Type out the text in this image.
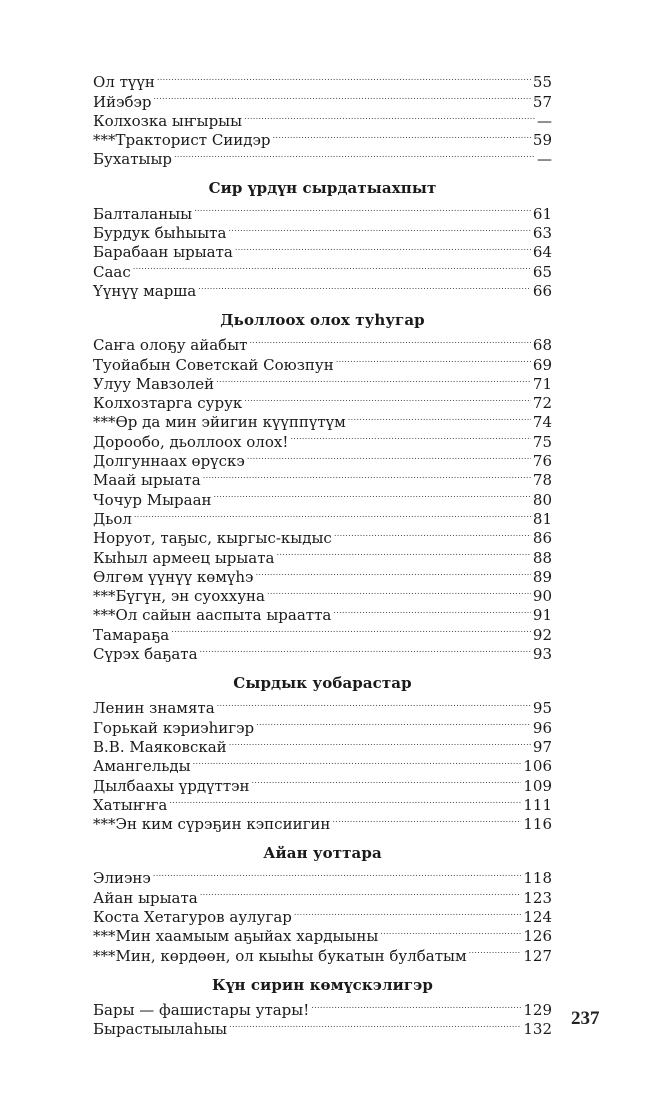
Ол түүн . . .	55
Ийэбэр . . .	57
Колхозка ыҥырыы . . .	—
***Тракторист Сиидэр . . .	59
Бухатыыр . . .	—
Сир үрдүн сырдатыахпыт
Балталаныы . . .	61
Бурдук быһыыта . . .	63
Барабаан ырыата . . .	64
Саас . . .	65
Үүнүү марша . . .	66
Дьоллоох олох туһугар
Саҥа олоҕу айабыт . . .	68
Туойабын Советскай Союзпун . . .	69
Улуу Мавзолей . . .	71
Колхозтарга сурук . . .	72
***Өр да мин эйигин күүппүтүм . . .	74
Дорообо, дьоллоох олох! . . .	75
Долгуннаах өрүскэ . . .	76
Маай ырыата . . .	78
Чочур Мыраан . . .	80
Дьол . . .	81
Норуот, таҕыс, кыргыс-кыдыс . . .	86
Кыһыл армеец ырыата . . .	88
Өлгөм үүнүү көмүһэ . . .	89
***Бүгүн, эн суоххуна . . .	90
***Ол сайын ааспыта ыраатта . . .	91
Тамараҕа . . .	92
Сүрэх баҕата . . .	93
Сырдык уобарастар
Ленин знамята . . .	95
Горькай кэриэһигэр . . .	96
В.В. Маяковскай . . .	97
Амангельды . . .	106
Дылбаахы үрдүттэн . . .	109
Хатыҥҥа . . .	111
***Эн ким сүрэҕин кэпсиигин . . .	116
Айан уоттара
Элиэнэ . . .	118
Айан ырыата . . .	123
Коста Хетагуров аулугар . . .	124
***Мин хаамыым аҕыйах хардыыны . . .	126
***Мин, көрдөөн, ол кыыһы букатын булбатым . . .	127
Күн сирин көмүскэлигэр
Бары — фашистары утары! . . .	129
Бырастыылаһыы . . .	132
237
